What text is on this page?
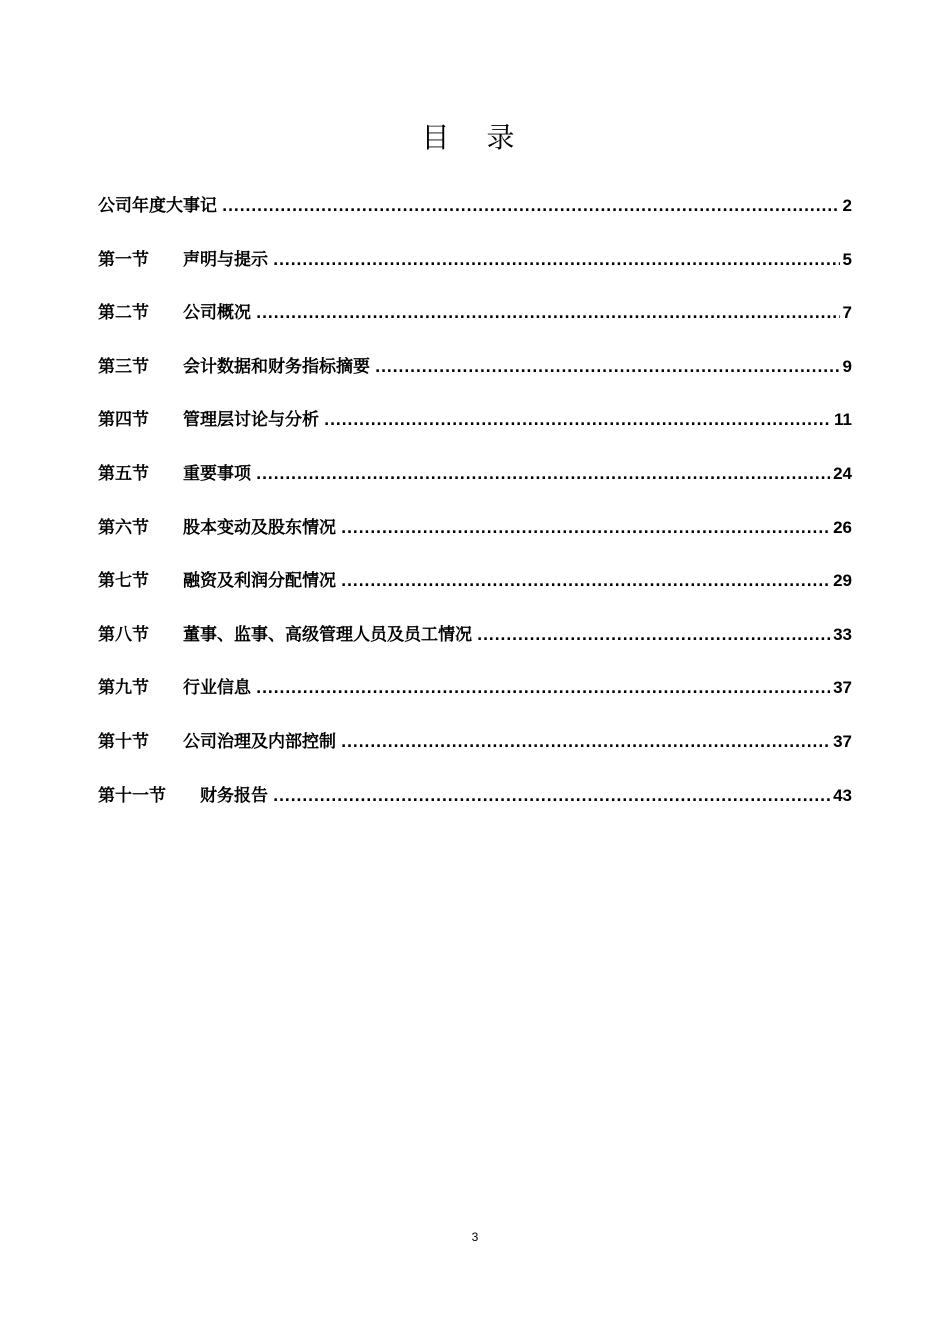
目 录
公司年度大事记 .....	2
第一节	声明与提示 .....	5
第二节	公司概况 .....	7
第三节	会计数据和财务指标摘要 .....	9
第四节	管理层讨论与分析 .....	11
第五节	重要事项 .....	24
第六节	股本变动及股东情况 .....	26
第七节	融资及利润分配情况 .....	29
第八节	董事、监事、高级管理人员及员工情况 .....	33
第九节	行业信息 .....	37
第十节	公司治理及内部控制 .....	37
第十一节	财务报告 .....	43
3
